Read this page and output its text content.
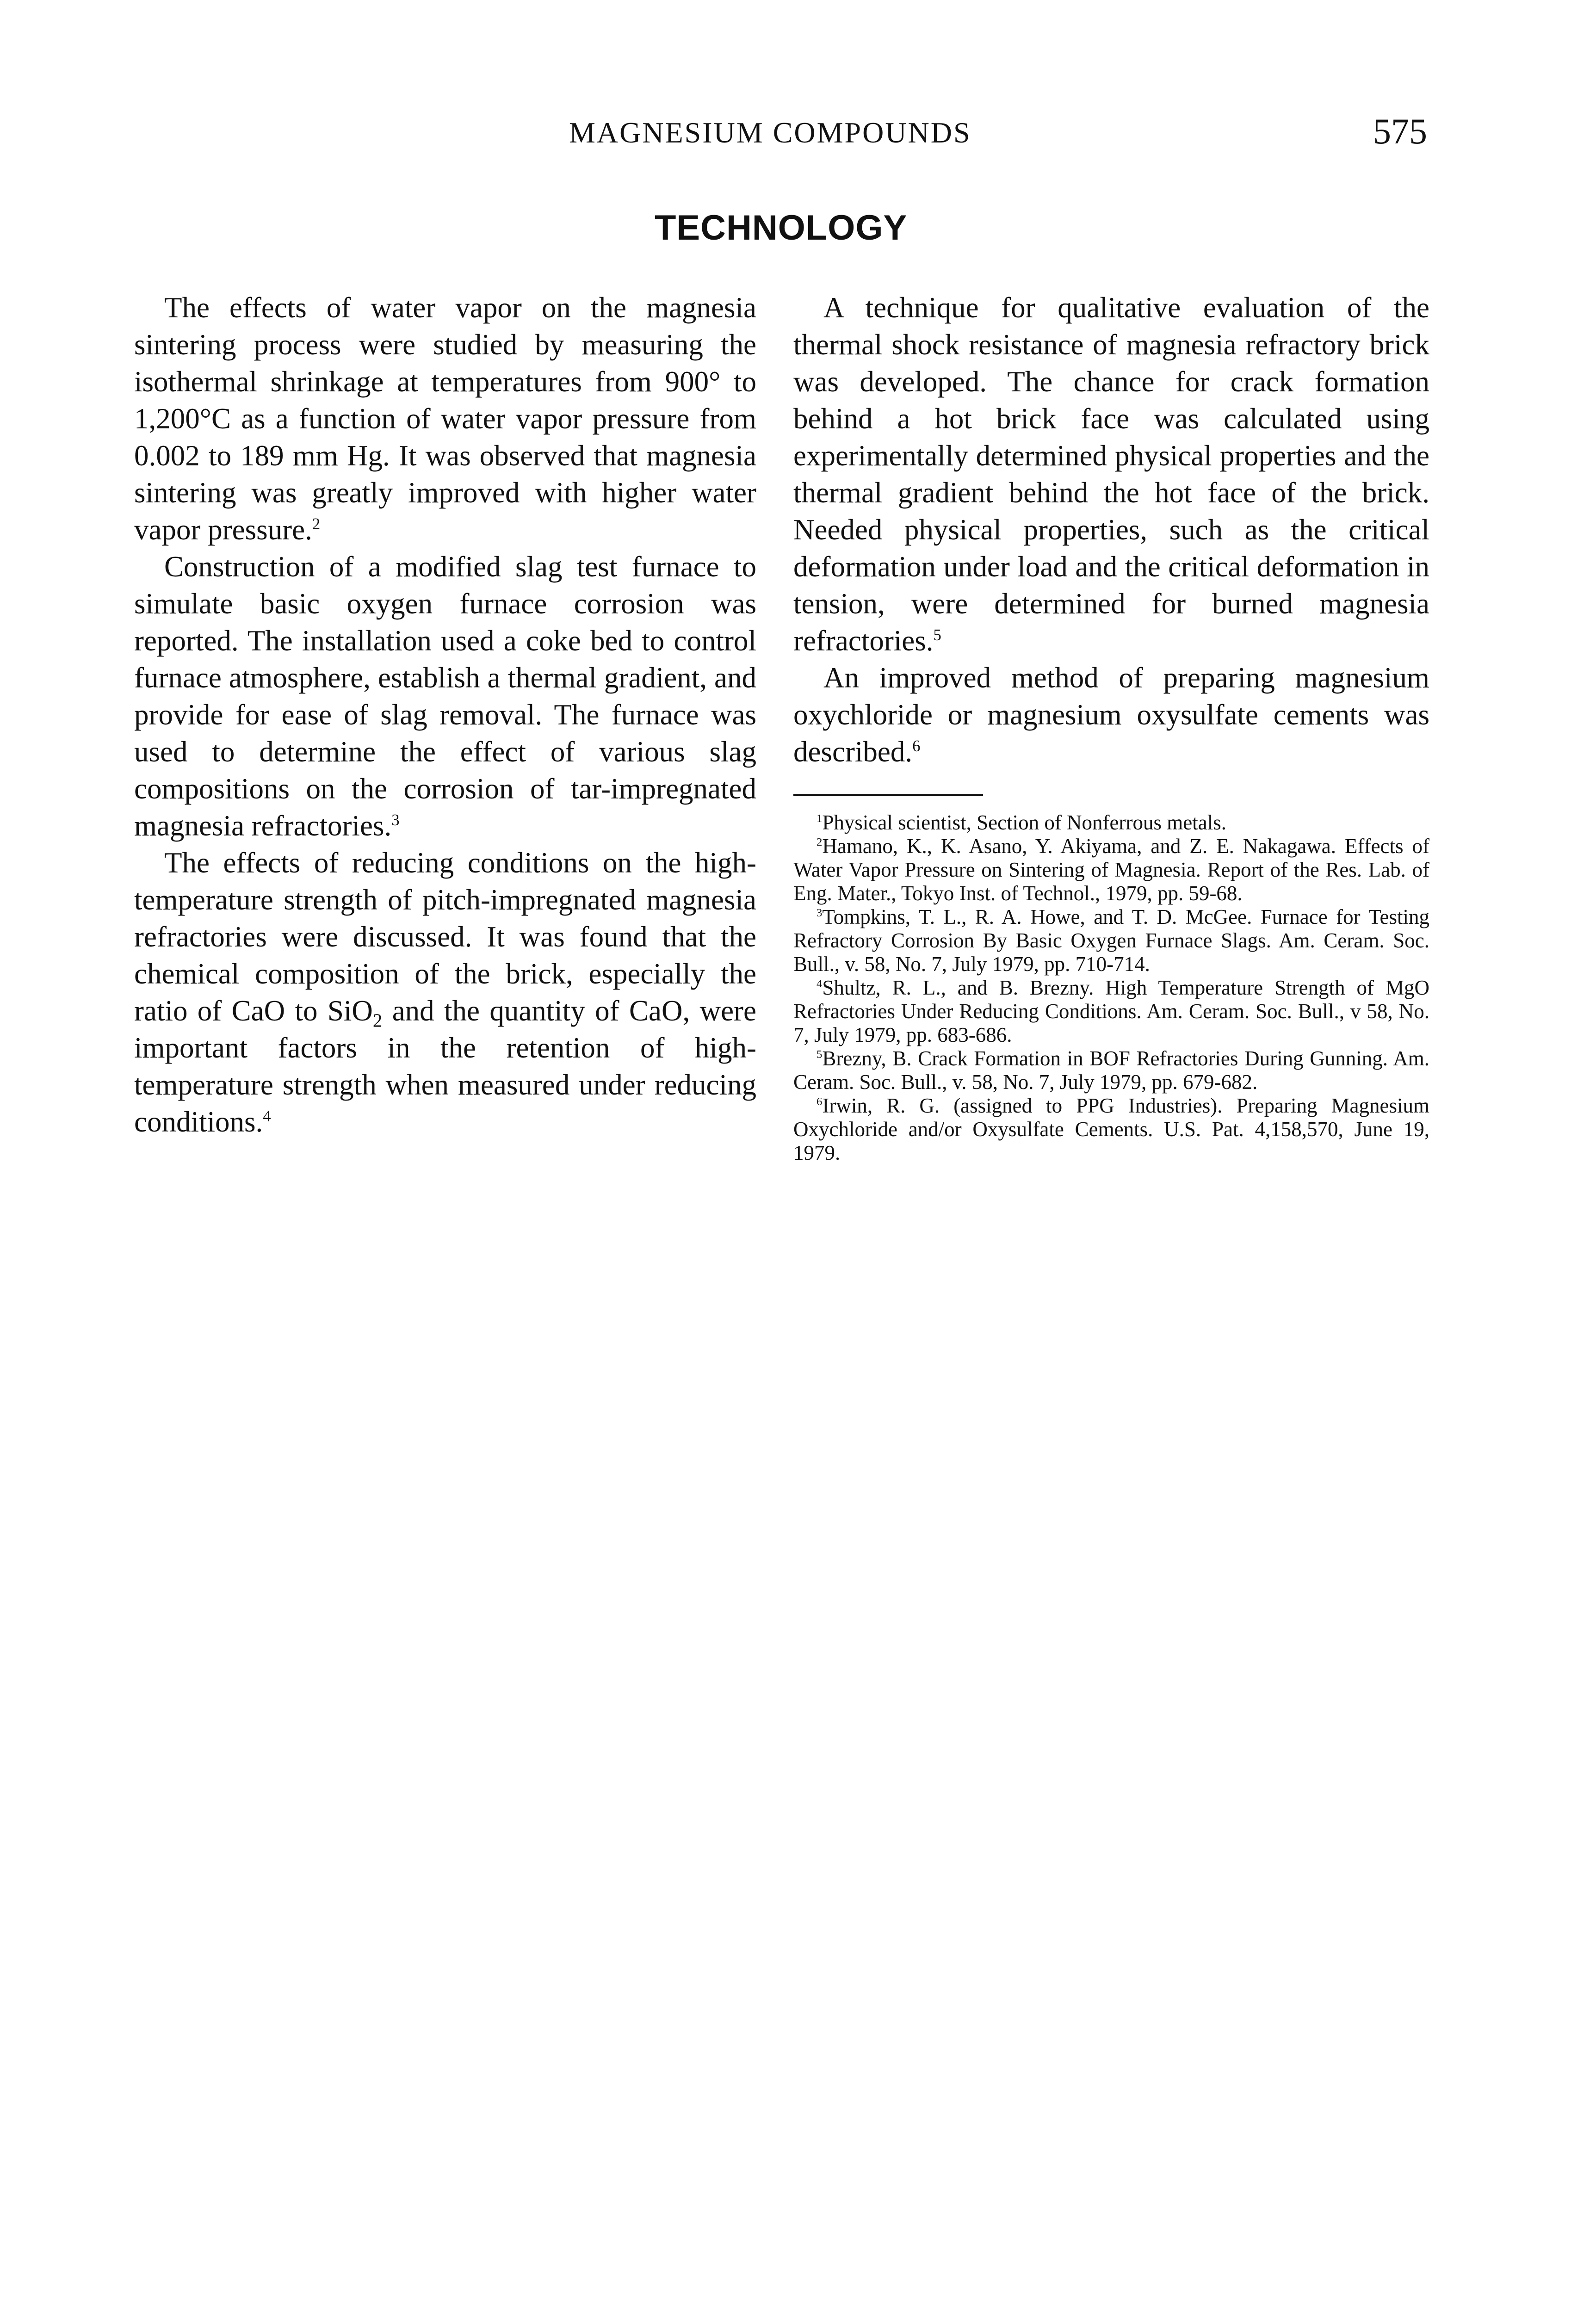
MAGNESIUM COMPOUNDS	575
TECHNOLOGY

The effects of water vapor on the magnesia sintering process were studied by measuring the isothermal shrinkage at temperatures from 900° to 1,200°C as a function of water vapor pressure from 0.002 to 189 mm Hg. It was observed that magnesia sintering was greatly improved with higher water vapor pressure.$^2$

Construction of a modified slag test furnace to simulate basic oxygen furnace corrosion was reported. The installation used a coke bed to control furnace atmosphere, establish a thermal gradient, and provide for ease of slag removal. The furnace was used to determine the effect of various slag compositions on the corrosion of tar-impregnated magnesia refractories.$^3$

The effects of reducing conditions on the high-temperature strength of pitch-impregnated magnesia refractories were discussed. It was found that the chemical composition of the brick, especially the ratio of CaO to SiO$_2$ and the quantity of CaO, were important factors in the retention of high-temperature strength when measured under reducing conditions.$^4$

A technique for qualitative evaluation of the thermal shock resistance of magnesia refractory brick was developed. The chance for crack formation behind a hot brick face was calculated using experimentally determined physical properties and the thermal gradient behind the hot face of the brick. Needed physical properties, such as the critical deformation under load and the critical deformation in tension, were determined for burned magnesia refractories.$^5$

An improved method of preparing magnesium oxychloride or magnesium oxysulfate cements was described.$^6$

$^1$Physical scientist, Section of Nonferrous metals.

$^2$Hamano, K., K. Asano, Y. Akiyama, and Z. E. Nakagawa. Effects of Water Vapor Pressure on Sintering of Magnesia. Report of the Res. Lab. of Eng. Mater., Tokyo Inst. of Technol., 1979, pp. 59-68.

$^3$Tompkins, T. L., R. A. Howe, and T. D. McGee. Furnace for Testing Refractory Corrosion By Basic Oxygen Furnace Slags. Am. Ceram. Soc. Bull., v. 58, No. 7, July 1979, pp. 710-714.

$^4$Shultz, R. L., and B. Brezny. High Temperature Strength of MgO Refractories Under Reducing Conditions. Am. Ceram. Soc. Bull., v 58, No. 7, July 1979, pp. 683-686.

$^5$Brezny, B. Crack Formation in BOF Refractories During Gunning. Am. Ceram. Soc. Bull., v. 58, No. 7, July 1979, pp. 679-682.

$^6$Irwin, R. G. (assigned to PPG Industries). Preparing Magnesium Oxychloride and/or Oxysulfate Cements. U.S. Pat. 4,158,570, June 19, 1979.
